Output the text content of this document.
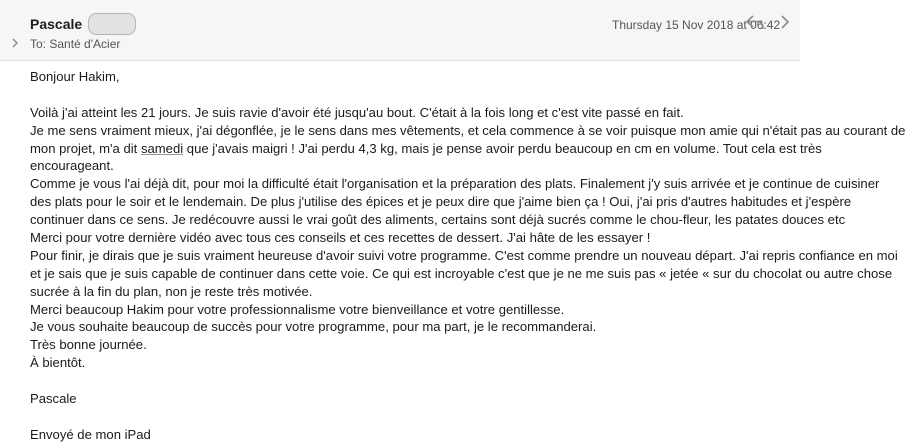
Pascale	Thursday 15 Nov 2018 at 06:42
To: Santé d'Acier
Bonjour Hakim,
Voilà j'ai atteint les 21 jours. Je suis ravie d'avoir été jusqu'au bout. C'était à la fois long et c'est vite passé en fait.
Je me sens vraiment mieux, j'ai dégonflée, je le sens dans mes vêtements, et cela commence à se voir puisque mon amie qui n'était pas au courant de
mon projet, m'a dit samedi que j'avais maigri ! J'ai perdu 4,3 kg, mais je pense avoir perdu beaucoup en cm en volume. Tout cela est très
encourageant.
Comme je vous l'ai déjà dit, pour moi la difficulté était l'organisation et la préparation des plats. Finalement j'y suis arrivée et je continue de cuisiner
des plats pour le soir et le lendemain. De plus j'utilise des épices et je peux dire que j'aime bien ça ! Oui, j'ai pris d'autres habitudes et j'espère
continuer dans ce sens. Je redécouvre aussi le vrai goût des aliments, certains sont déjà sucrés comme le chou-fleur, les patates douces etc
Merci pour votre dernière vidéo avec tous ces conseils et ces recettes de dessert. J'ai hâte de les essayer !
Pour finir, je dirais que je suis vraiment heureuse d'avoir suivi votre programme. C'est comme prendre un nouveau départ. J'ai repris confiance en moi
et je sais que je suis capable de continuer dans cette voie. Ce qui est incroyable c'est que je ne me suis pas « jetée « sur du chocolat ou autre chose
sucrée à la fin du plan, non je reste très motivée.
Merci beaucoup Hakim pour votre professionnalisme votre bienveillance et votre gentillesse.
Je vous souhaite beaucoup de succès pour votre programme, pour ma part, je le recommanderai.
Très bonne journée.
À bientôt.
Pascale
Envoyé de mon iPad
